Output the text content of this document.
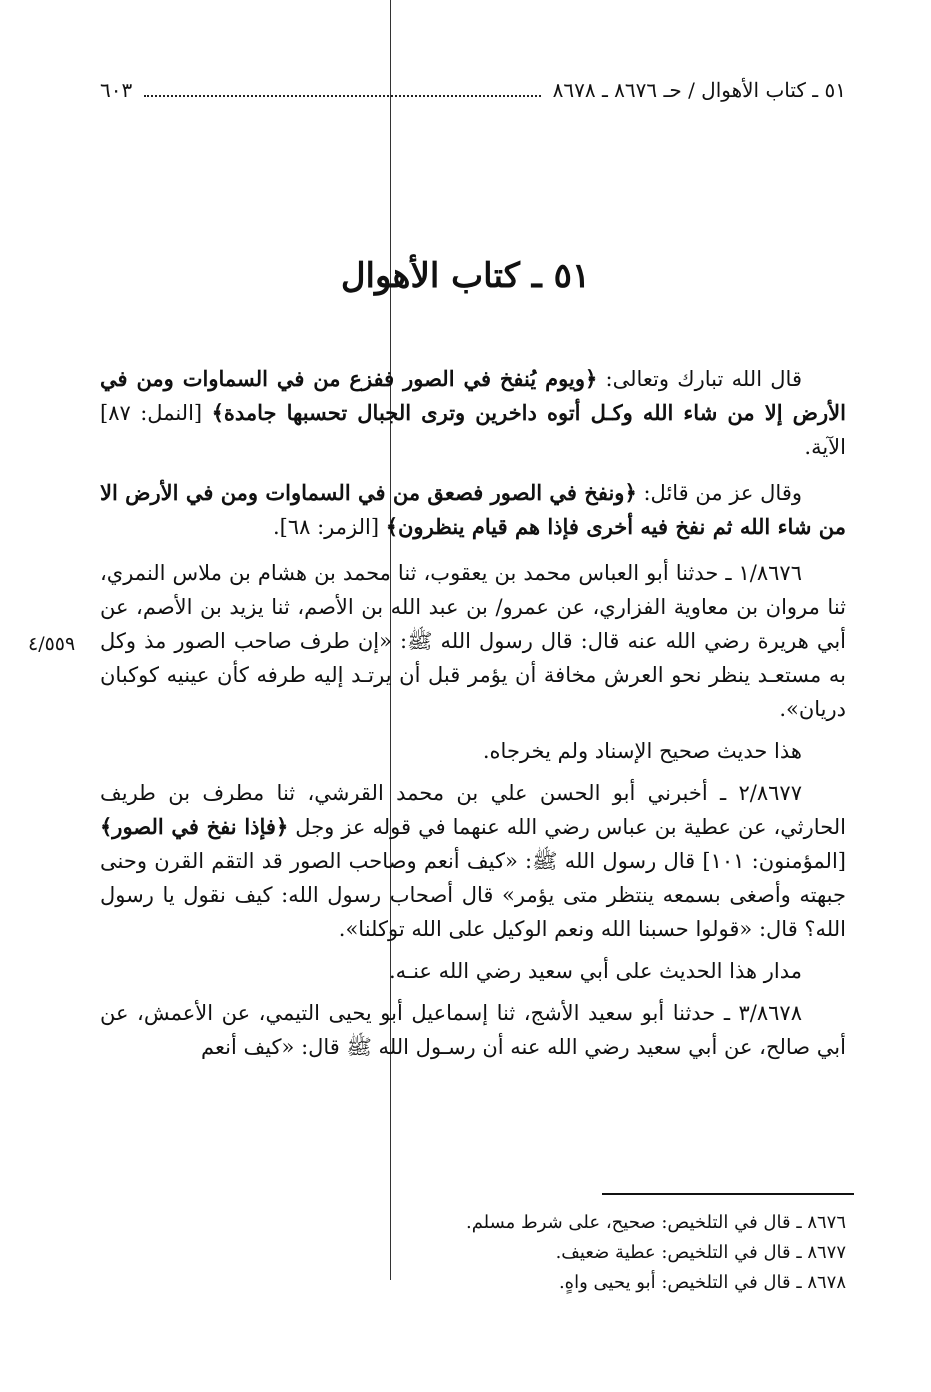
٥١ ـ كتاب الأهوال / حـ ٨٦٧٦ ـ ٨٦٧٨
٦٠٣
٥١ ـ كتاب الأهوال
٤/٥٥٩

قال الله تبارك وتعالى: ﴿ويوم يُنفخ في الصور ففزع من في السماوات ومن في الأرض إلا من شاء الله وكـل أتوه داخرين وترى الجبال تحسبها جامدة﴾ [النمل: ٨٧] الآية.

وقال عز من قائل: ﴿ونفخ في الصور فصعق من في السماوات ومن في الأرض الا من شاء الله ثم نفخ فيه أخرى فإذا هم قيام ينظرون﴾ [الزمر: ٦٨].

١/٨٦٧٦ ـ حدثنا أبو العباس محمد بن يعقوب، ثنا محمد بن هشام بن ملاس النمري، ثنا مروان بن معاوية الفزاري، عن عمرو/ بن عبد الله بن الأصم، ثنا يزيد بن الأصم، عن أبي هريرة رضي الله عنه قال: قال رسول الله ﷺ: «إن طرف صاحب الصور مذ وكل به مستعـد ينظر نحو العرش مخافة أن يؤمر قبل أن يرتـد إليه طرفه كأن عينيه كوكبان دريان».

هذا حديث صحيح الإسناد ولم يخرجاه.

٢/٨٦٧٧ ـ أخبرني أبو الحسن علي بن محمد القرشي، ثنا مطرف بن طريف الحارثي، عن عطية بن عباس رضي الله عنهما في قوله عز وجل ﴿فإذا نفخ في الصور﴾ [المؤمنون: ١٠١] قال رسول الله ﷺ: «كيف أنعم وصاحب الصور قد التقم القرن وحنى جبهته وأصغى بسمعه ينتظر متى يؤمر» قال أصحاب رسول الله: كيف نقول يا رسول الله؟ قال: «قولوا حسبنا الله ونعم الوكيل على الله توكلنا».

مدار هذا الحديث على أبي سعيد رضي الله عنـه.

٣/٨٦٧٨ ـ حدثنا أبو سعيد الأشج، ثنا إسماعيل أبو يحيى التيمي، عن الأعمش، عن أبي صالح، عن أبي سعيد رضي الله عنه أن رسـول الله ﷺ قال: «كيف أنعم

٨٦٧٦ ـ قال في التلخيص: صحيح، على شرط مسلم.
٨٦٧٧ ـ قال في التلخيص: عطية ضعيف.
٨٦٧٨ ـ قال في التلخيص: أبو يحيى واهٍ.
